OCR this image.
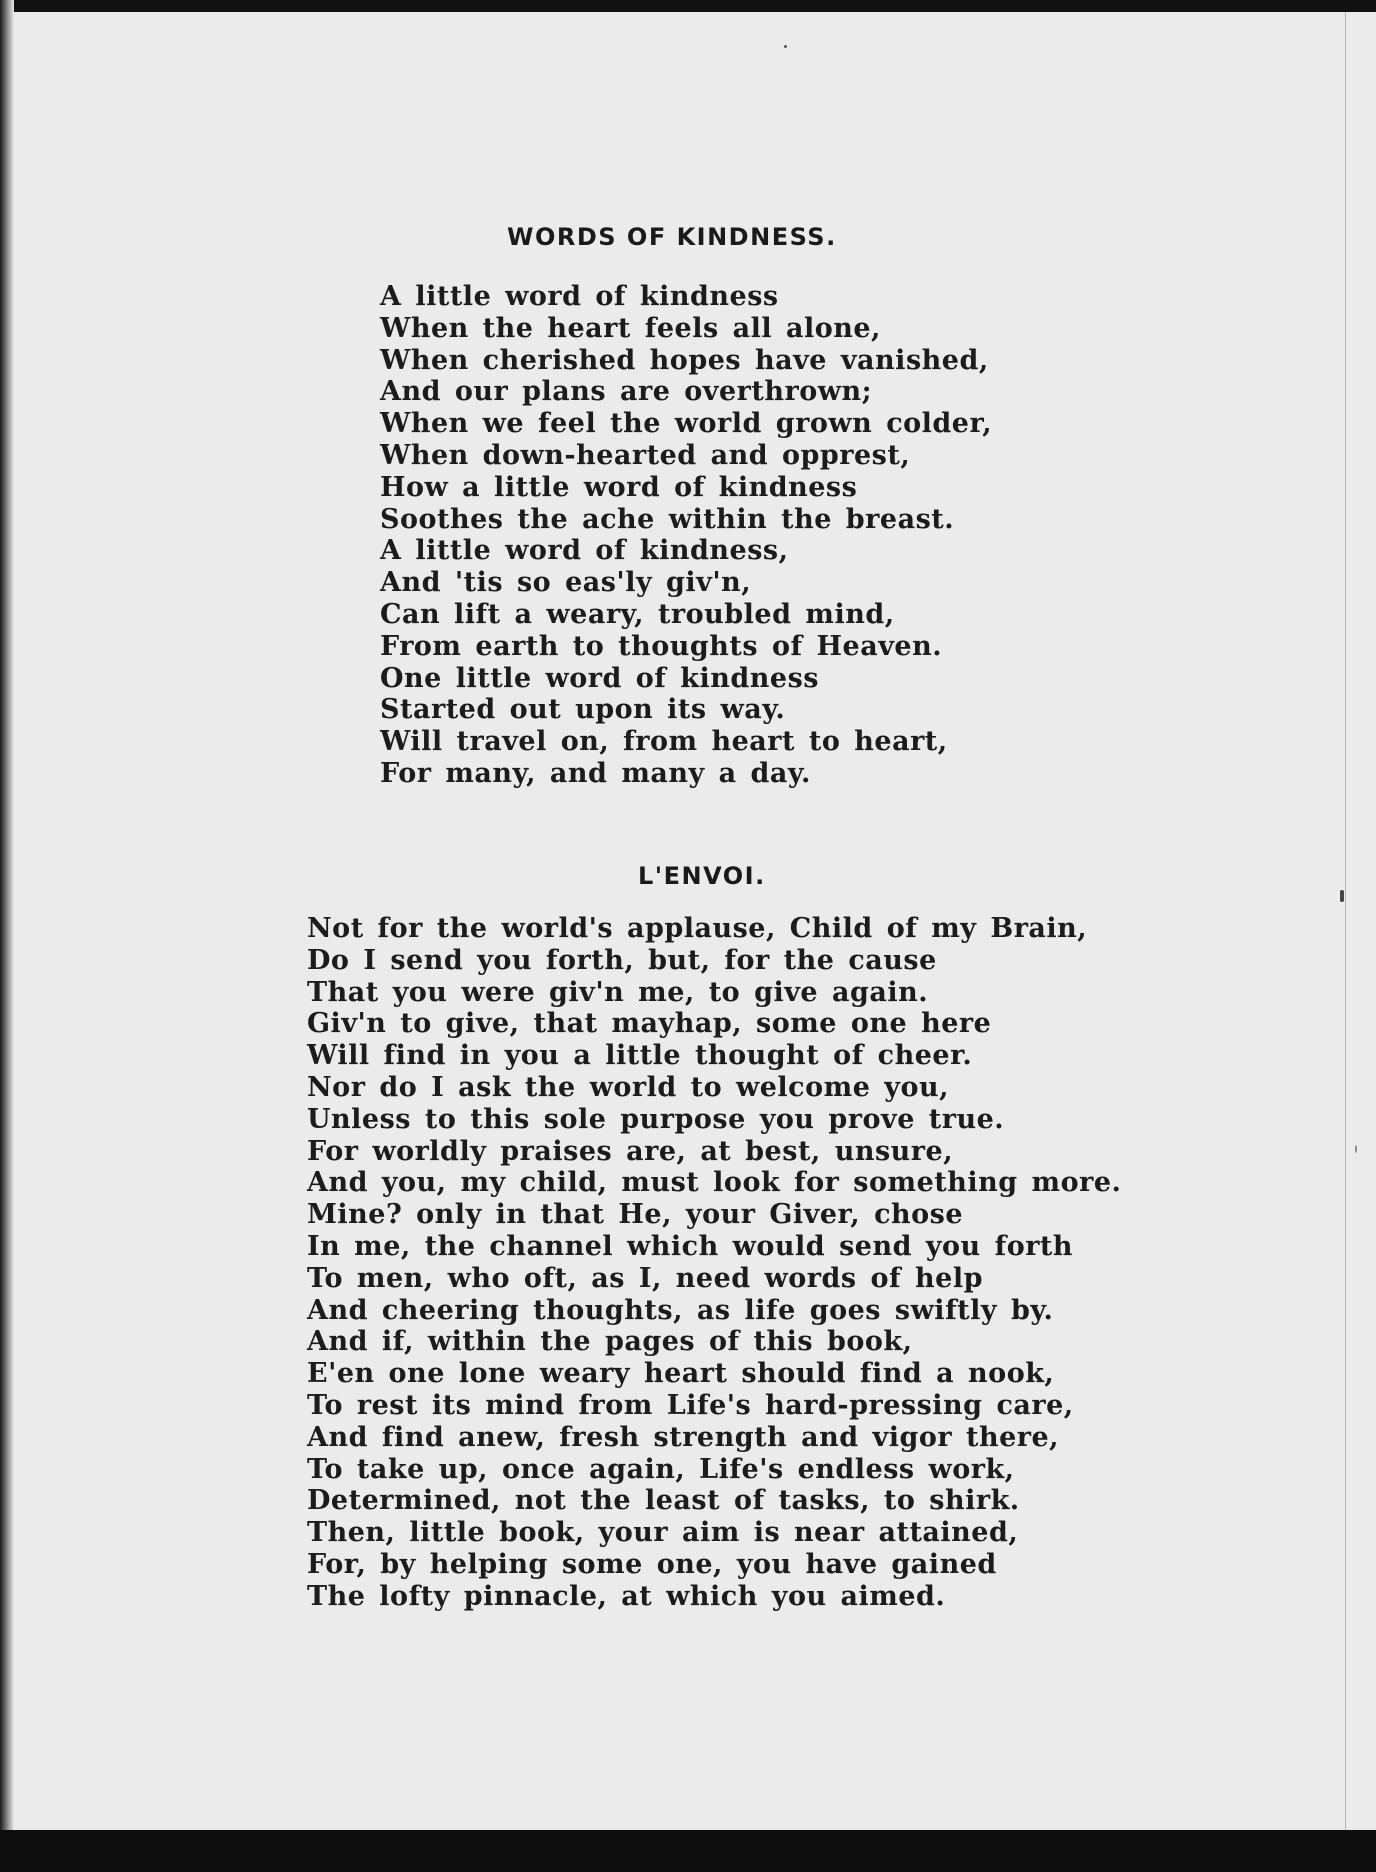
WORDS OF KINDNESS.
A little word of kindness
When the heart feels all alone,
When cherished hopes have vanished,
And our plans are overthrown;
When we feel the world grown colder,
When down-hearted and opprest,
How a little word of kindness
Soothes the ache within the breast.
A little word of kindness,
And 'tis so eas'ly giv'n,
Can lift a weary, troubled mind,
From earth to thoughts of Heaven.
One little word of kindness
Started out upon its way.
Will travel on, from heart to heart,
For many, and many a day.
L'ENVOI.
Not for the world's applause, Child of my Brain,
Do I send you forth, but, for the cause
That you were giv'n me, to give again.
Giv'n to give, that mayhap, some one here
Will find in you a little thought of cheer.
Nor do I ask the world to welcome you,
Unless to this sole purpose you prove true.
For worldly praises are, at best, unsure,
And you, my child, must look for something more.
Mine? only in that He, your Giver, chose
In me, the channel which would send you forth
To men, who oft, as I, need words of help
And cheering thoughts, as life goes swiftly by.
And if, within the pages of this book,
E'en one lone weary heart should find a nook,
To rest its mind from Life's hard-pressing care,
And find anew, fresh strength and vigor there,
To take up, once again, Life's endless work,
Determined, not the least of tasks, to shirk.
Then, little book, your aim is near attained,
For, by helping some one, you have gained
The lofty pinnacle, at which you aimed.
